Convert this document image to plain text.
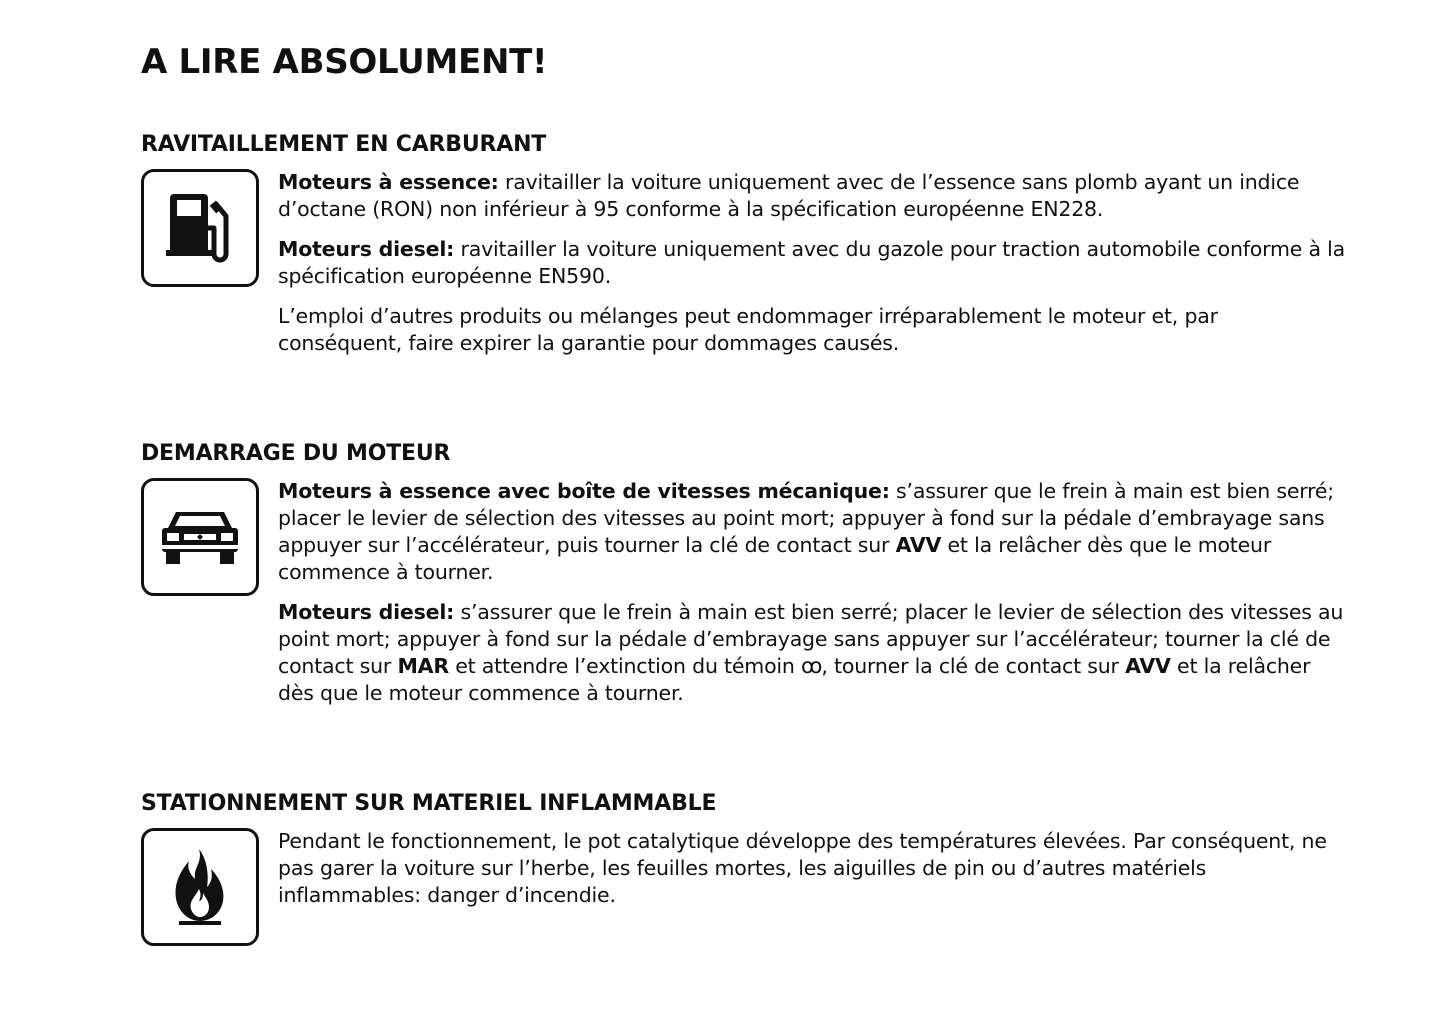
A LIRE ABSOLUMENT!
RAVITAILLEMENT EN CARBURANT

Moteurs à essence: ravitailler la voiture uniquement avec de l’essence sans plomb ayant un indice d’octane (RON) non inférieur à 95 conforme à la spécification européenne EN228.

Moteurs diesel: ravitailler la voiture uniquement avec du gazole pour traction automobile conforme à la spécification européenne EN590.

L’emploi d’autres produits ou mélanges peut endommager irréparablement le moteur et, par conséquent, faire expirer la garantie pour dommages causés.

DEMARRAGE DU MOTEUR

Moteurs à essence avec boîte de vitesses mécanique: s’assurer que le frein à main est bien serré; placer le levier de sélection des vitesses au point mort; appuyer à fond sur la pédale d’embrayage sans appuyer sur l’accélérateur, puis tourner la clé de contact sur AVV et la relâcher dès que le moteur commence à tourner.

Moteurs diesel: s’assurer que le frein à main est bien serré; placer le levier de sélection des vitesses au point mort; appuyer à fond sur la pédale d’embrayage sans appuyer sur l’accélérateur; tourner la clé de contact sur MAR et attendre l’extinction du témoin ꝏ, tourner la clé de contact sur AVV et la relâcher dès que le moteur commence à tourner.

STATIONNEMENT SUR MATERIEL INFLAMMABLE

Pendant le fonctionnement, le pot catalytique développe des températures élevées. Par conséquent, ne pas garer la voiture sur l’herbe, les feuilles mortes, les aiguilles de pin ou d’autres matériels inflammables: danger d’incendie.
